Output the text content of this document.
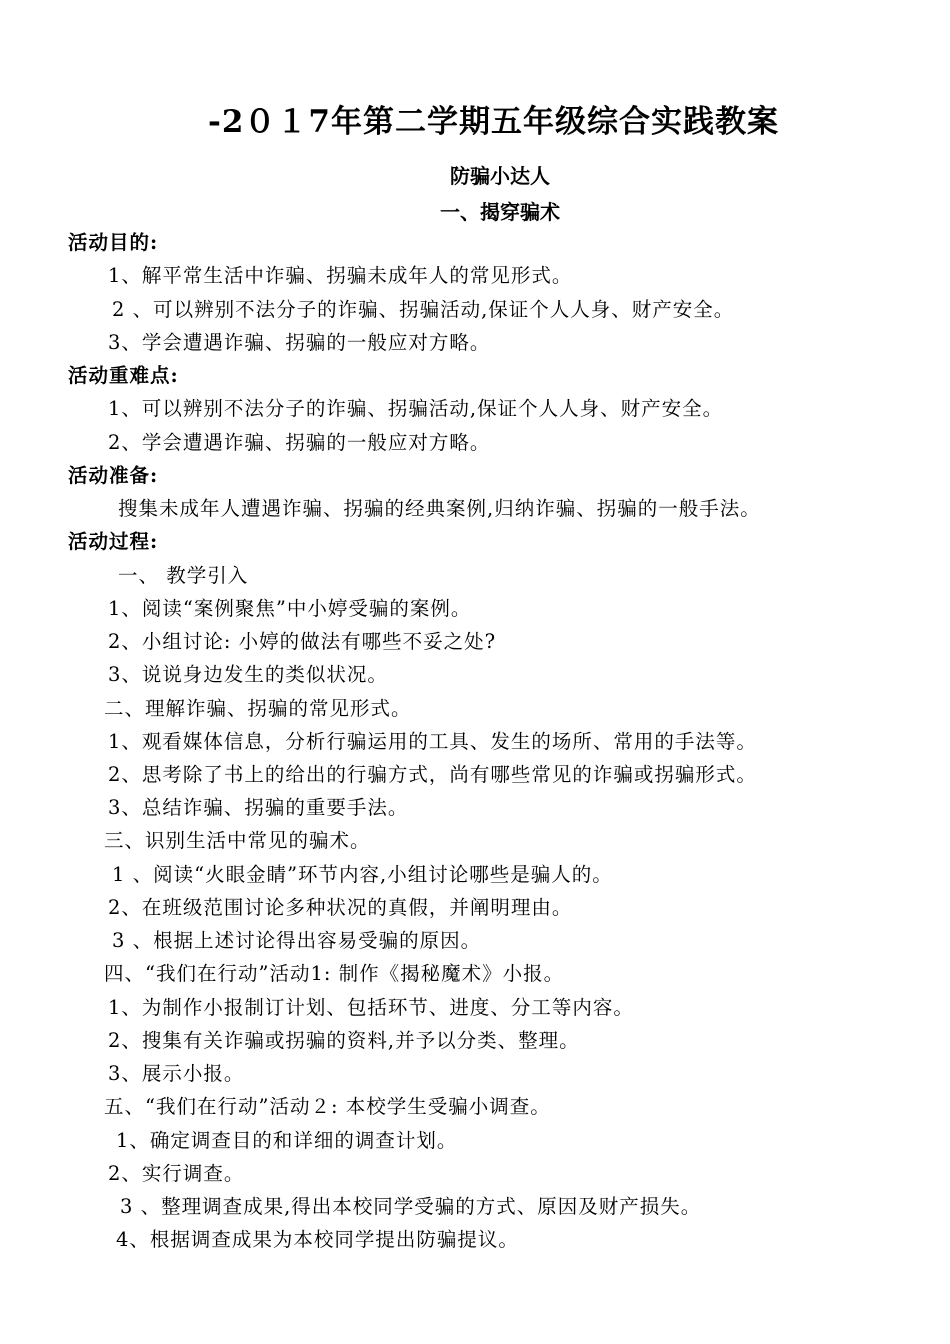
-2０１7年第二学期五年级综合实践教案
防骗小达人
一、揭穿骗术
活动目的:
1、解平常生活中诈骗、拐骗未成年人的常见形式。
2 、可以辨别不法分子的诈骗、拐骗活动,保证个人人身、财产安全。
3、学会遭遇诈骗、拐骗的一般应对方略。
活动重难点:
1、可以辨别不法分子的诈骗、拐骗活动,保证个人人身、财产安全。
2、学会遭遇诈骗、拐骗的一般应对方略。
活动准备:
搜集未成年人遭遇诈骗、拐骗的经典案例,归纳诈骗、拐骗的一般手法。
活动过程:
一、 教学引入
1、阅读“案例聚焦”中小婷受骗的案例。
2、小组讨论: 小婷的做法有哪些不妥之处?
3、说说身边发生的类似状况。
二、理解诈骗、拐骗的常见形式。
1、观看媒体信息，分析行骗运用的工具、发生的场所、常用的手法等。
2、思考除了书上的给出的行骗方式，尚有哪些常见的诈骗或拐骗形式。
3、总结诈骗、拐骗的重要手法。
三、识别生活中常见的骗术。
1 、阅读“火眼金睛”环节内容,小组讨论哪些是骗人的。
2、在班级范围讨论多种状况的真假，并阐明理由。
3 、根据上述讨论得出容易受骗的原因。
四、“我们在行动”活动1: 制作《揭秘魔术》小报。
1、为制作小报制订计划、包括环节、进度、分工等内容。
2、搜集有关诈骗或拐骗的资料,并予以分类、整理。
3、展示小报。
五、“我们在行动”活动２: 本校学生受骗小调查。
1、确定调查目的和详细的调查计划。
2、实行调查。
3 、整理调查成果,得出本校同学受骗的方式、原因及财产损失。
4、根据调查成果为本校同学提出防骗提议。
